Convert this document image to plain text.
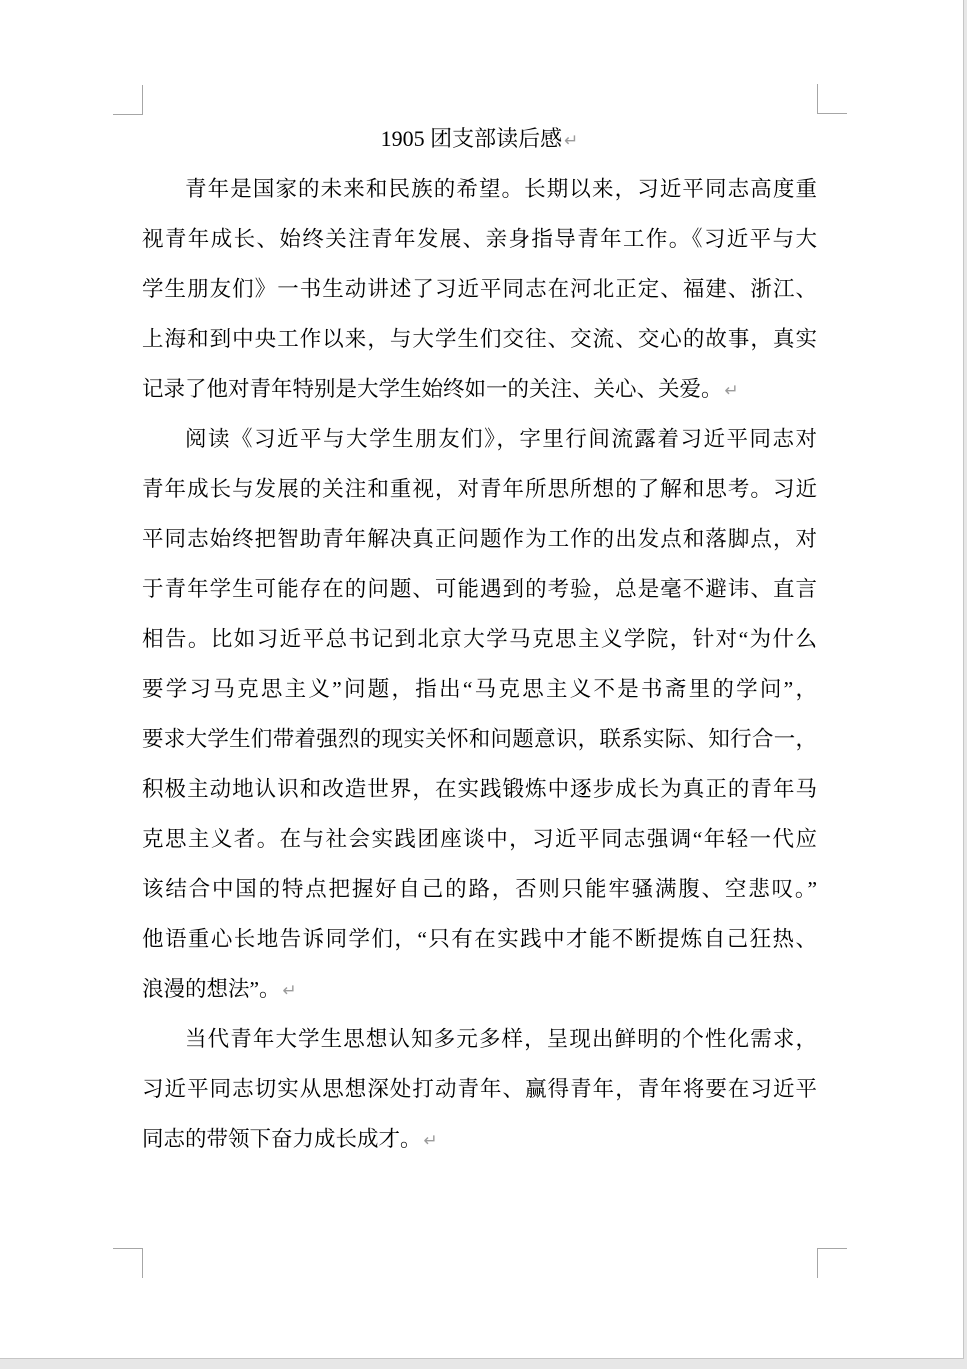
1905 团支部读后感 ↵
青年是国家的未来和民族的希望。长期以来，习近平同志高度重
视青年成长、始终关注青年发展、亲身指导青年工作。《习近平与大
学生朋友们》一书生动讲述了习近平同志在河北正定、福建、浙江、
上海和到中央工作以来，与大学生们交往、交流、交心的故事，真实
记录了他对青年特别是大学生始终如一的关注、关心、关爱。 ↵
阅读《习近平与大学生朋友们》，字里行间流露着习近平同志对
青年成长与发展的关注和重视，对青年所思所想的了解和思考。习近
平同志始终把智助青年解决真正问题作为工作的出发点和落脚点，对
于青年学生可能存在的问题、可能遇到的考验，总是毫不避讳、直言
相告。比如习近平总书记到北京大学马克思主义学院，针对“为什么
要学习马克思主义”问题，指出“马克思主义不是书斋里的学问”，
要求大学生们带着强烈的现实关怀和问题意识，联系实际、知行合一，
积极主动地认识和改造世界，在实践锻炼中逐步成长为真正的青年马
克思主义者。在与社会实践团座谈中，习近平同志强调“年轻一代应
该结合中国的特点把握好自己的路，否则只能牢骚满腹、空悲叹。”
他语重心长地告诉同学们，“只有在实践中才能不断提炼自己狂热、
浪漫的想法”。 ↵
当代青年大学生思想认知多元多样，呈现出鲜明的个性化需求，
习近平同志切实从思想深处打动青年、赢得青年，青年将要在习近平
同志的带领下奋力成长成才。 ↵
